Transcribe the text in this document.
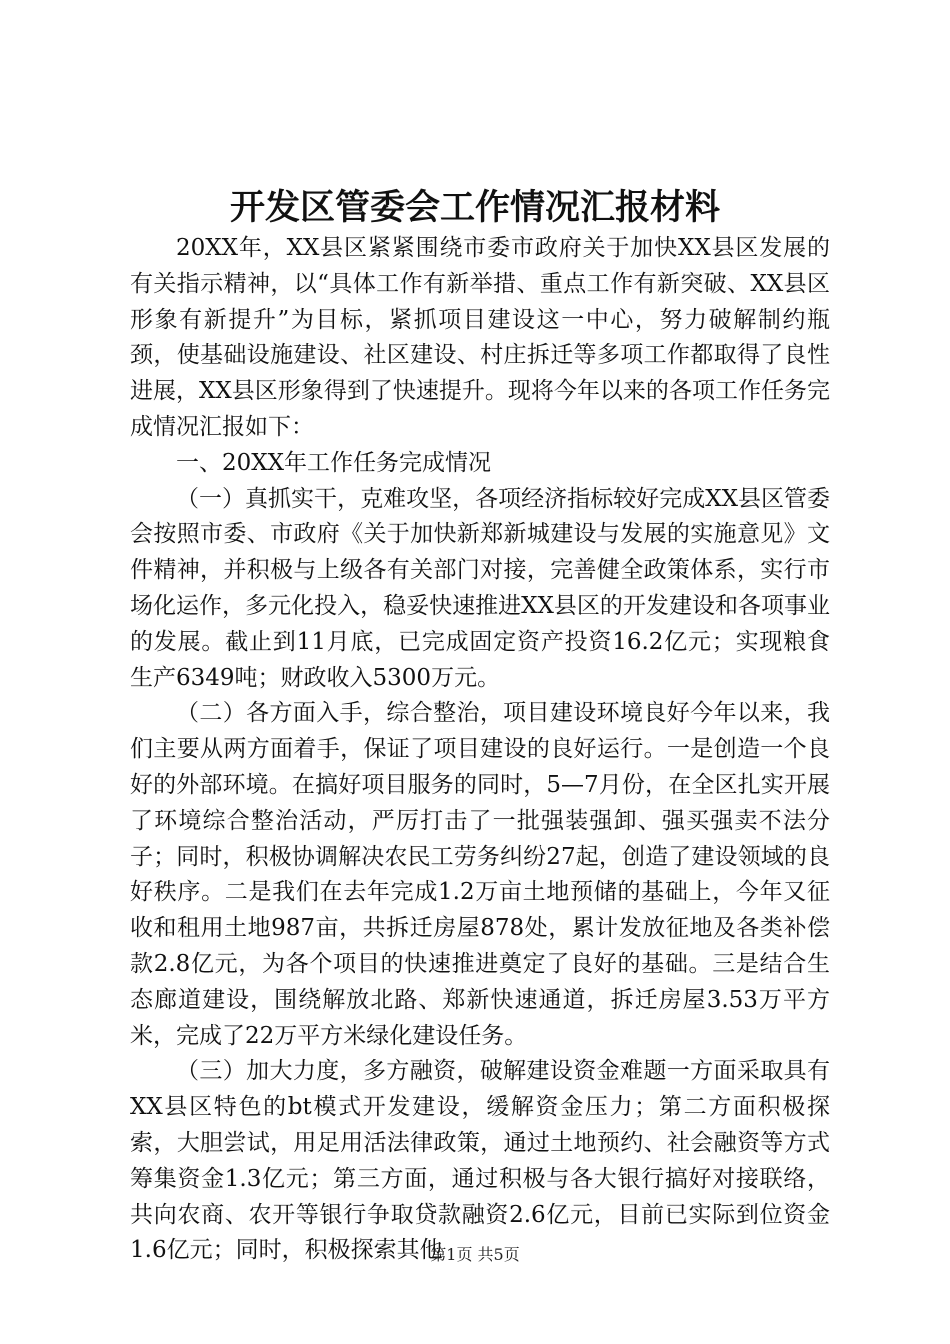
开发区管委会工作情况汇报材料

20XX年，XX县区紧紧围绕市委市政府关于加快XX县区发展的有关指示精神，以“具体工作有新举措、重点工作有新突破、XX县区形象有新提升”为目标，紧抓项目建设这一中心，努力破解制约瓶颈，使基础设施建设、社区建设、村庄拆迁等多项工作都取得了良性进展，XX县区形象得到了快速提升。现将今年以来的各项工作任务完成情况汇报如下：

一、20XX年工作任务完成情况

（一）真抓实干，克难攻坚，各项经济指标较好完成XX县区管委会按照市委、市政府《关于加快新郑新城建设与发展的实施意见》文件精神，并积极与上级各有关部门对接，完善健全政策体系，实行市场化运作，多元化投入，稳妥快速推进XX县区的开发建设和各项事业的发展。截止到11月底，已完成固定资产投资16.2亿元；实现粮食生产6349吨；财政收入5300万元。

（二）各方面入手，综合整治，项目建设环境良好今年以来，我们主要从两方面着手，保证了项目建设的良好运行。一是创造一个良好的外部环境。在搞好项目服务的同时，5—7月份，在全区扎实开展了环境综合整治活动，严厉打击了一批强装强卸、强买强卖不法分子；同时，积极协调解决农民工劳务纠纷27起，创造了建设领域的良好秩序。二是我们在去年完成1.2万亩土地预储的基础上，今年又征收和租用土地987亩，共拆迁房屋878处，累计发放征地及各类补偿款2.8亿元，为各个项目的快速推进奠定了良好的基础。三是结合生态廊道建设，围绕解放北路、郑新快速通道，拆迁房屋3.53万平方米，完成了22万平方米绿化建设任务。

（三）加大力度，多方融资，破解建设资金难题一方面采取具有XX县区特色的bt模式开发建设，缓解资金压力；第二方面积极探索，大胆尝试，用足用活法律政策，通过土地预约、社会融资等方式筹集资金1.3亿元；第三方面，通过积极与各大银行搞好对接联络，共向农商、农开等银行争取贷款融资2.6亿元，目前已实际到位资金1.6亿元；同时，积极探索其他

第1页 共5页
